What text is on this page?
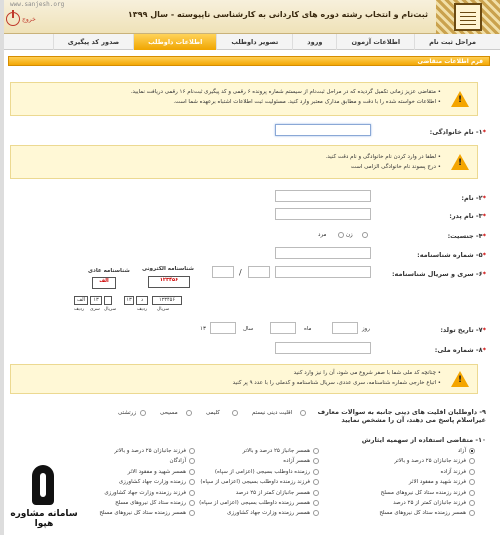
ثبت‌نام و انتخاب رشته دوره های کاردانی به کارشناسی ناپیوسته - سال ۱۳۹۹
www.sanjesh.org
خروج
مراحل ثبت نام
اطلاعات آزمون
ورود
تصویر داوطلب
اطلاعات داوطلب
صدور کد پیگیری
فرم اطلاعات متقاضی
!
• متقاضی عزیز زمانی تکمیل گردیده که در مراحل ثبت‌نام از سیستم شماره پرونده ۶ رقمی و کد پیگیری ثبت‌نام ۱۶ رقمی دریافت نمایید.
• اطلاعات خواسته شده را با دقت و مطابق مدارک معتبر وارد کنید. مسئولیت ثبت اطلاعات اشتباه برعهده شما است.
*۱- نام خانوادگی:
!
• لطفا در وارد کردن نام خانوادگی و نام دقت کنید.
• درج پسوند نام خانوادگی الزامی است
*۲- نام:
*۳- نام پدر:
*۴- جنسیت:
زن
مرد
*۵- شماره شناسنامه:
*۶- سری و سریال شناسنامه:
/
شناسنامه الکترونی
۱۲۳۴۵۶
شناسنامه عادی
الف
۱۲۳۴۵۶
د
۱۳
سریال
ردیف
۱۳
الف
سریال
سری
ردیف
*۷- تاریخ تولد:
روز
ماه
سال
۱۳
*۸- شماره ملی:
!
• چنانچه کد ملی شما با صفر شروع می شود، آن را نیز وارد کنید
• اتباع خارجی شماره شناسنامه، سری عددی، سریال شناسنامه و کدملی را با عدد ۹ پر کنید
۹- داوطلبان اقلیت های دینی جانبه به سوالات معارف غیراسلام پاسخ می دهند، آن را مشخص نمایید
اقلیت دینی نیستم
کلیمی
مسیحی
زرتشتی
۱۰- متقاضی استفاده از سهمیه ایثارش
آزاد
همسر جانباز ۲۵ درصد و بالاتر
فرزند جانبازان ۲۵ درصد و بالاتر
فرزند جانبازان ۲۵ درصد و بالاتر
همسر آزاده
آزادگان
فرزند آزاده
رزمنده داوطلب بسیجی (اعزامی از سپاه)
همسر شهید و مفقود الاثر
فرزند شهید و مفقود الاثر
فرزند رزمنده داوطلب بسیجی (اعزامی از سپاه)
رزمنده وزارت جهاد کشاورزی
فرزند رزمنده ستاد کل نیروهای مسلح
همسر جانبازان کمتر از ۲۵ درصد
فرزند رزمنده وزارت جهاد کشاورزی
فرزند جانبازان کمتر از ۲۵ درصد
همسر رزمنده داوطلب بسیجی (اعزامی از سپاه)
رزمنده ستاد کل نیروهای مسلح
همسر رزمنده ستاد کل نیروهای مسلح
همسر رزمنده وزارت جهاد کشاورزی
همسر رزمنده ستاد کل نیروهای مسلح
سامانه مشاوره هپوا
